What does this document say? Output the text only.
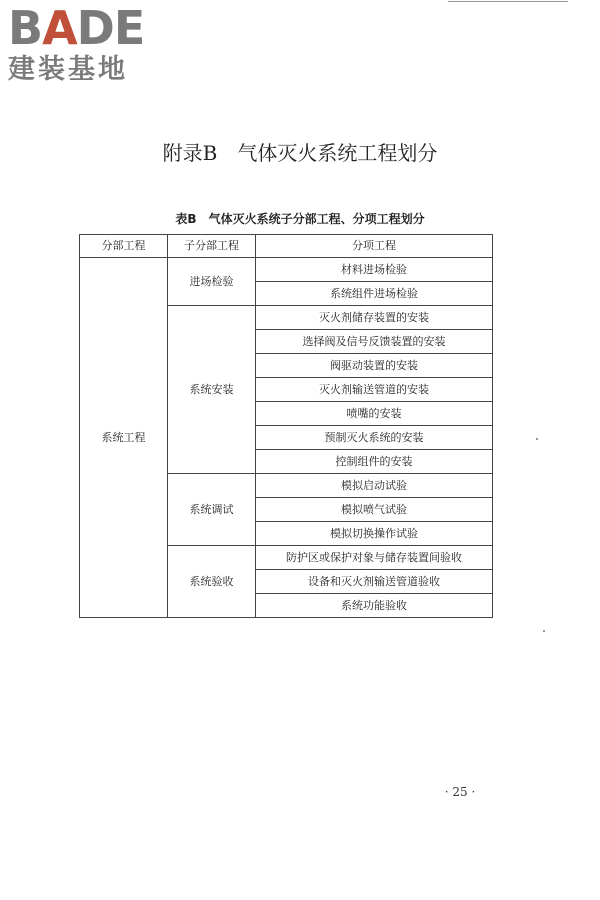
BADE
建装基地
附录B　气体灭火系统工程划分
表B　气体灭火系统子分部工程、分项工程划分
分部工程	子分部工程	分项工程
系统工程	进场检验	材料进场检验
		系统组件进场检验
	系统安装	灭火剂储存装置的安装
		选择阀及信号反馈装置的安装
		阀驱动装置的安装
		灭火剂输送管道的安装
		喷嘴的安装
		预制灭火系统的安装
		控制组件的安装
	系统调试	模拟启动试验
		模拟喷气试验
		模拟切换操作试验
	系统验收	防护区或保护对象与储存装置间验收
		设备和灭火剂输送管道验收
		系统功能验收
· 25 ·
